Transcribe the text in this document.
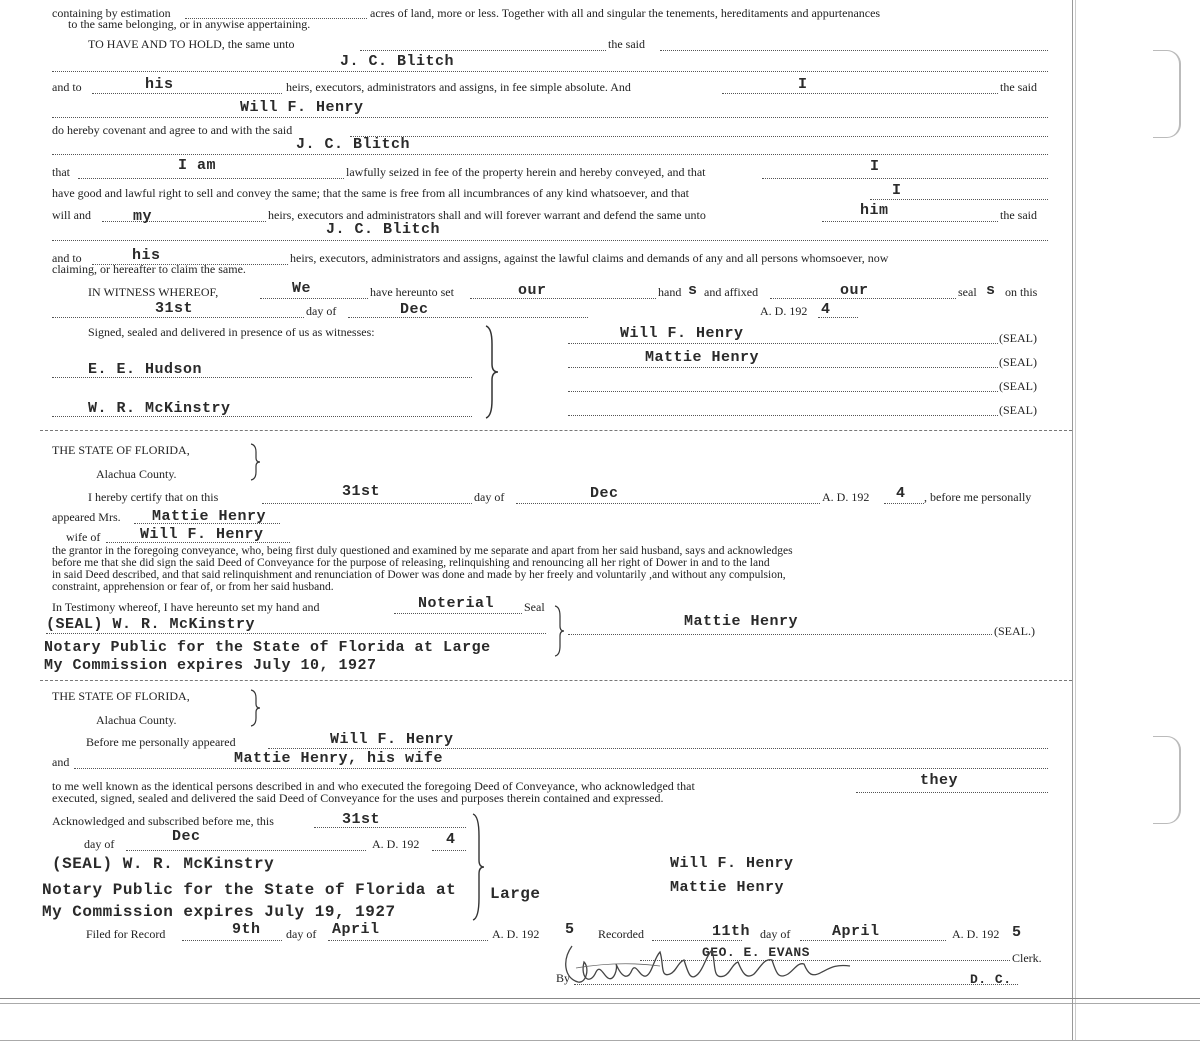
containing by estimation	acres of land, more or less. Together with all and singular the tenements, hereditaments and appurtenances
to the same belonging, or in anywise appertaining.
TO HAVE AND TO HOLD, the same unto	the said
J. C. Blitch
and to	his	heirs, executors, administrators and assigns, in fee simple absolute. And	I	the said
Will F. Henry
do hereby covenant and agree to and with the said
J. C. Blitch
that	I am	lawfully seized in fee of the property herein and hereby conveyed, and that	I
have good and lawful right to sell and convey the same; that the same is free from all incumbrances of any kind whatsoever, and that	I
will and	my	heirs, executors and administrators shall and will forever warrant and defend the same unto	him	the said
J. C. Blitch
and to	his	heirs, executors, administrators and assigns, against the lawful claims and demands of any and all persons whomsoever, now
claiming, or hereafter to claim the same.
IN WITNESS WHEREOF,	We	have hereunto set	our	hand s and affixed	our	seal s on this
31st	day of	Dec	A. D. 192 4
Signed, sealed and delivered in presence of us as witnesses:	Will F. Henry	(SEAL)
Mattie Henry	(SEAL)
(SEAL)
(SEAL)
E. E. Hudson
W. R. McKinstry
THE STATE OF FLORIDA,
Alachua County.
I hereby certify that on this	31st	day of	Dec	A. D. 192 4 , before me personally
appeared Mrs. Mattie Henry
wife of	Will F. Henry
the grantor in the foregoing conveyance, who, being first duly questioned and examined by me separate and apart from her said husband, says and acknowledges
before me that she did sign the said Deed of Conveyance for the purpose of releasing, relinquishing and renouncing all her right of Dower in and to the land
in said Deed described, and that said relinquishment and renunciation of Dower was done and made by her freely and voluntarily ,and without any compulsion,
constraint, apprehension or fear of, or from her said husband.
In Testimony whereof, I have hereunto set my hand and	Noterial Seal
(SEAL) W. R. McKinstry
Notary Public for the State of Florida at Large
My Commission expires July 10, 1927
Mattie Henry
(SEAL.)
THE STATE OF FLORIDA,
Alachua County.
Before me personally appeared	Will F. Henry
and	Mattie Henry, his wife
to me well known as the identical persons described in and who executed the foregoing Deed of Conveyance, who acknowledged that	they
executed, signed, sealed and delivered the said Deed of Conveyance for the uses and purposes therein contained and expressed.
Acknowledged and subscribed before me, this	31st
day of	Dec	A. D. 192 4
(SEAL) W. R. McKinstry
Notary Public for the State of Florida at Large
My Commission expires July 19, 1927
Will F. Henry
Mattie Henry
Filed for Record	9th day of April	A. D. 192 5 Recorded	11th day of	April	A. D. 192 5
GEO. E. EVANS	Clerk.
By	D. C.
